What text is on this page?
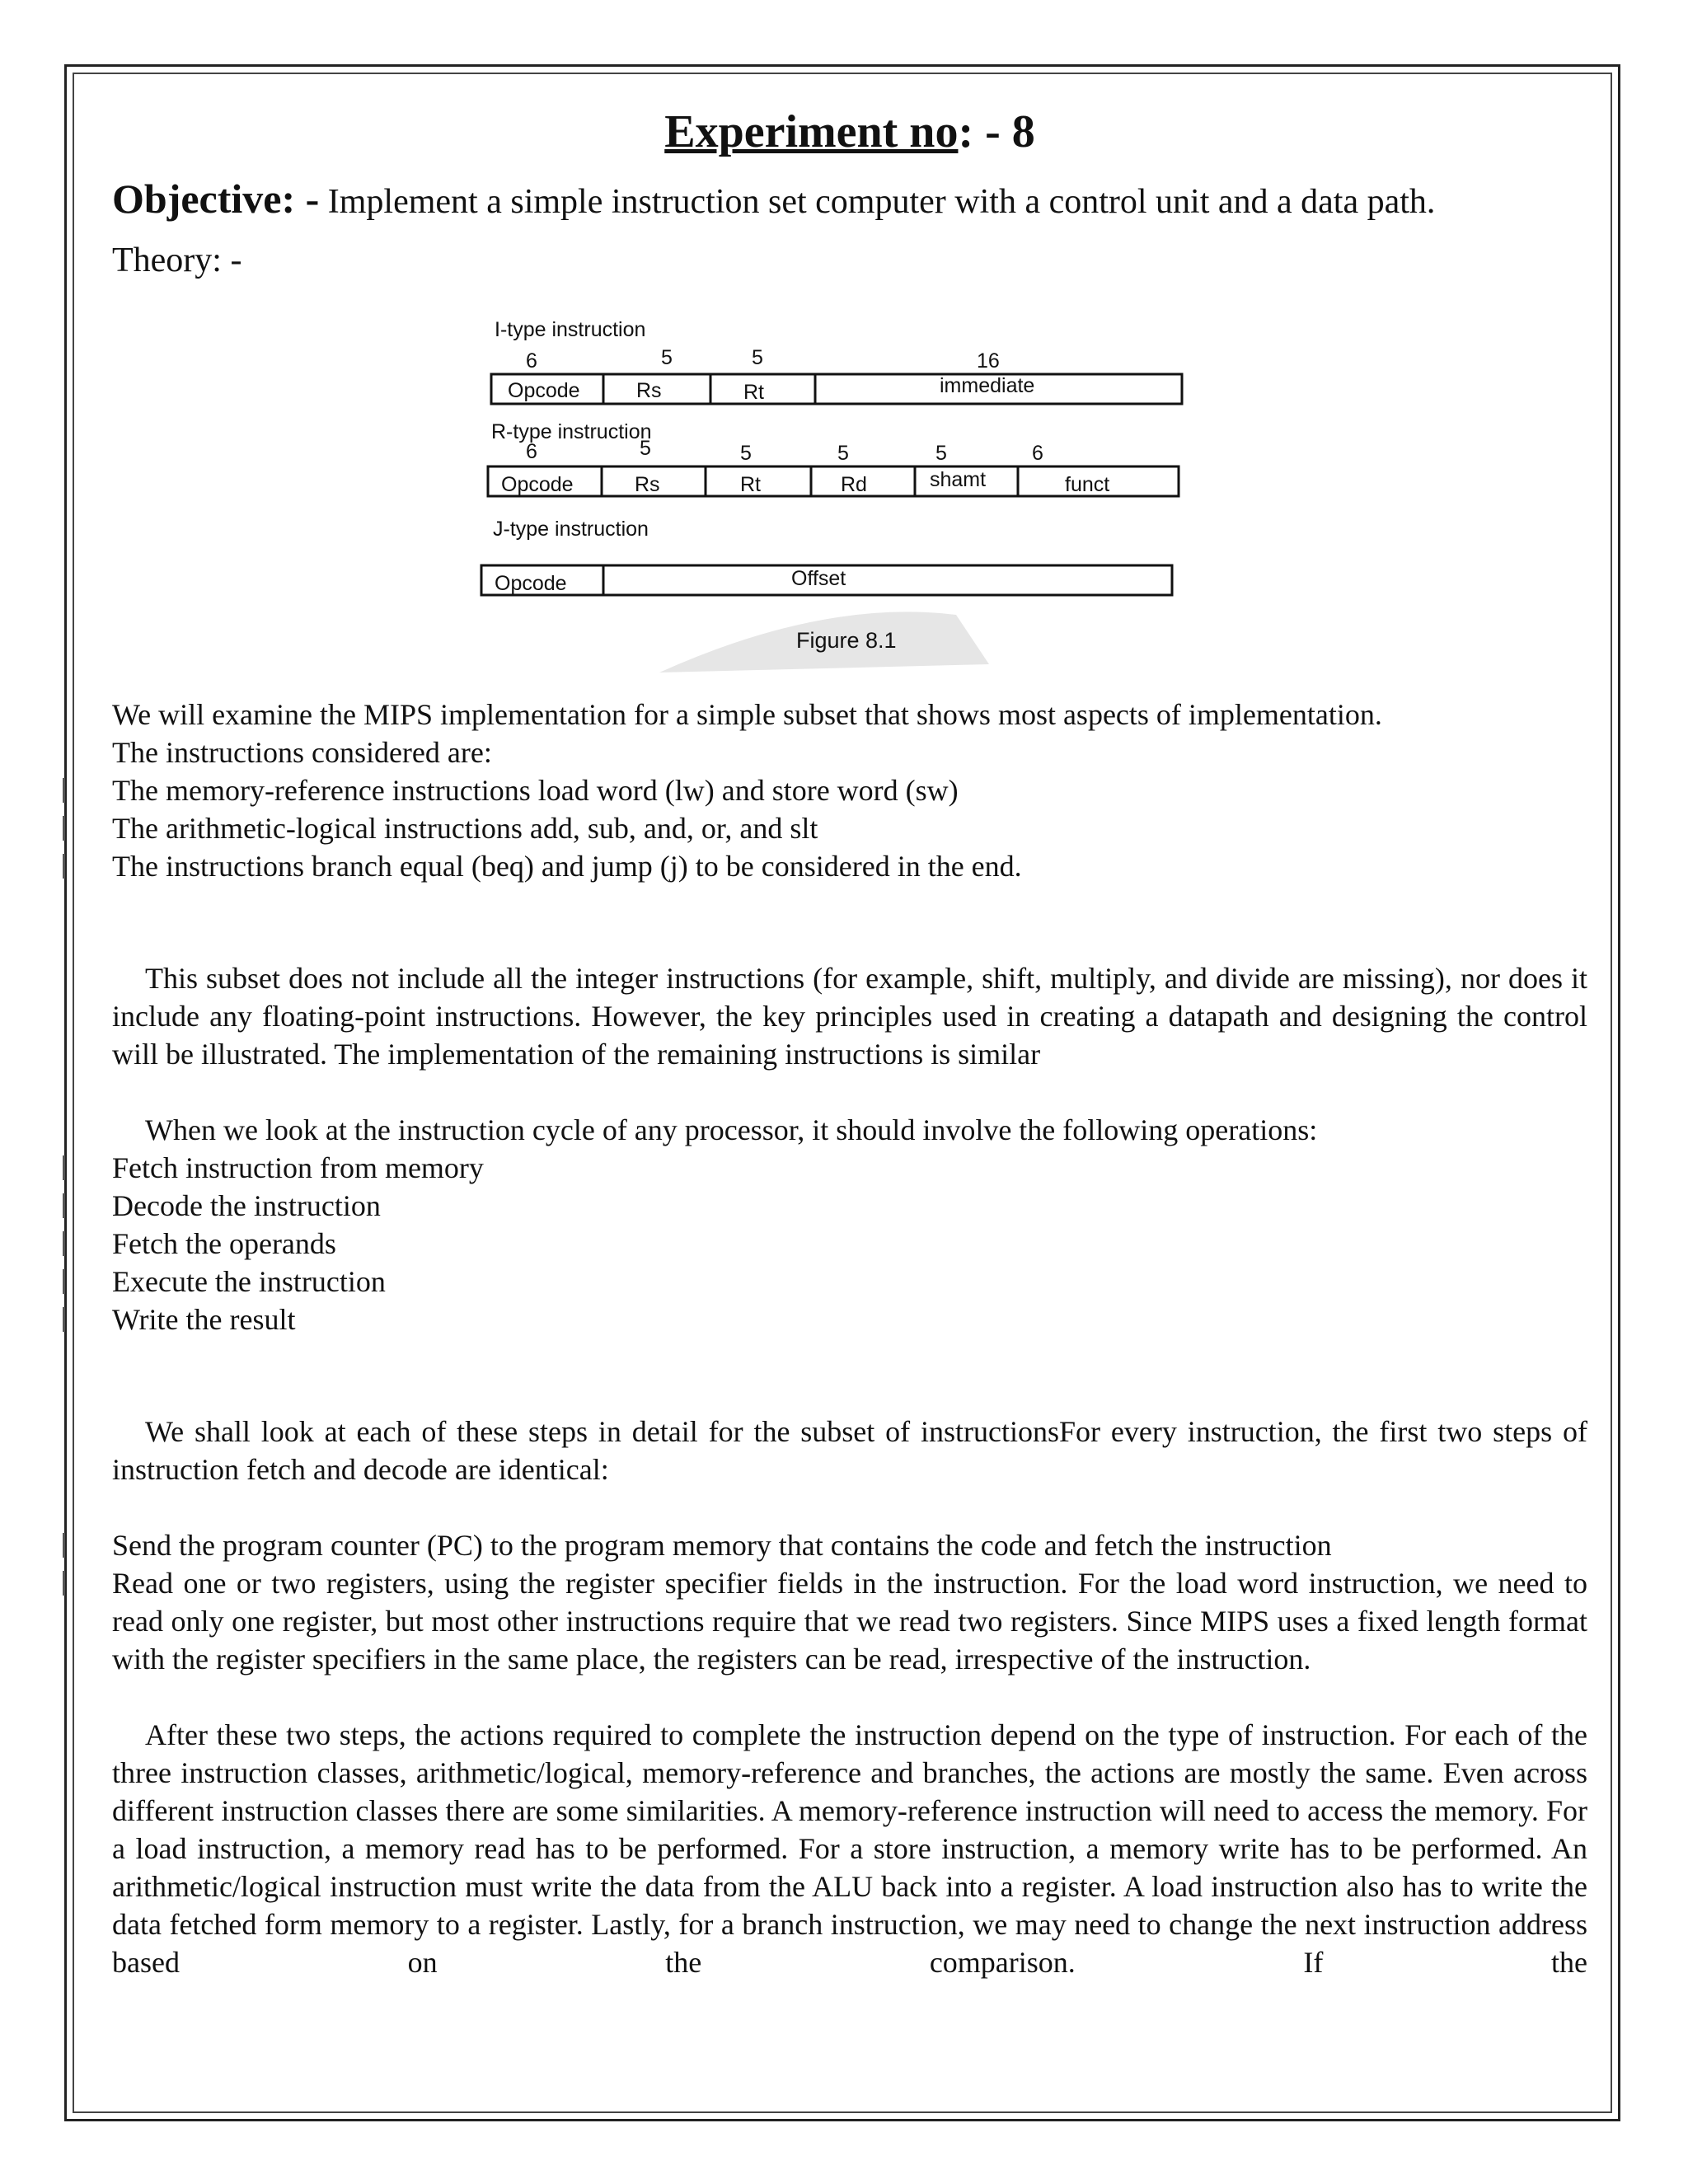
Experiment no: - 8
Objective: - Implement a simple instruction set computer with a control unit and a data path.
Theory: -
I-type instruction
6	5	5	16
Opcode	Rs	Rt	immediate
R-type instruction
6	5	5	5	5	6
Opcode	Rs	Rt	Rd	shamt	funct
J-type instruction
Opcode	Offset
Figure 8.1

We will examine the MIPS implementation for a simple subset that shows most aspects of implementation.

The instructions considered are:

The memory-reference instructions load word (lw) and store word (sw)

The arithmetic-logical instructions add, sub, and, or, and slt

The instructions branch equal (beq) and jump (j) to be considered in the end.

This subset does not include all the integer instructions (for example, shift, multiply, and divide are missing), nor does it include any floating-point instructions. However, the key principles used in creating a datapath and designing the control will be illustrated. The implementation of the remaining instructions is similar

When we look at the instruction cycle of any processor, it should involve the following operations:

Fetch instruction from memory

Decode the instruction

Fetch the operands

Execute the instruction

Write the result

We shall look at each of these steps in detail for the subset of instructionsFor every instruction, the first two steps of instruction fetch and decode are identical:

Send the program counter (PC) to the program memory that contains the code and fetch the instruction

Read one or two registers, using the register specifier fields in the instruction. For the load word instruction, we need to read only one register, but most other instructions require that we read two registers. Since MIPS uses a fixed length format with the register specifiers in the same place, the registers can be read, irrespective of the instruction.

After these two steps, the actions required to complete the instruction depend on the type of instruction. For each of the three instruction classes, arithmetic/logical, memory-reference and branches, the actions are mostly the same. Even across different instruction classes there are some similarities. A memory-reference instruction will need to access the memory. For a load instruction, a memory read has to be performed. For a store instruction, a memory write has to be performed. An arithmetic/logical instruction must write the data from the ALU back into a register. A load instruction also has to write the data fetched form memory to a register. Lastly, for a branch instruction, we may need to change the next instruction address based on the comparison. If the
